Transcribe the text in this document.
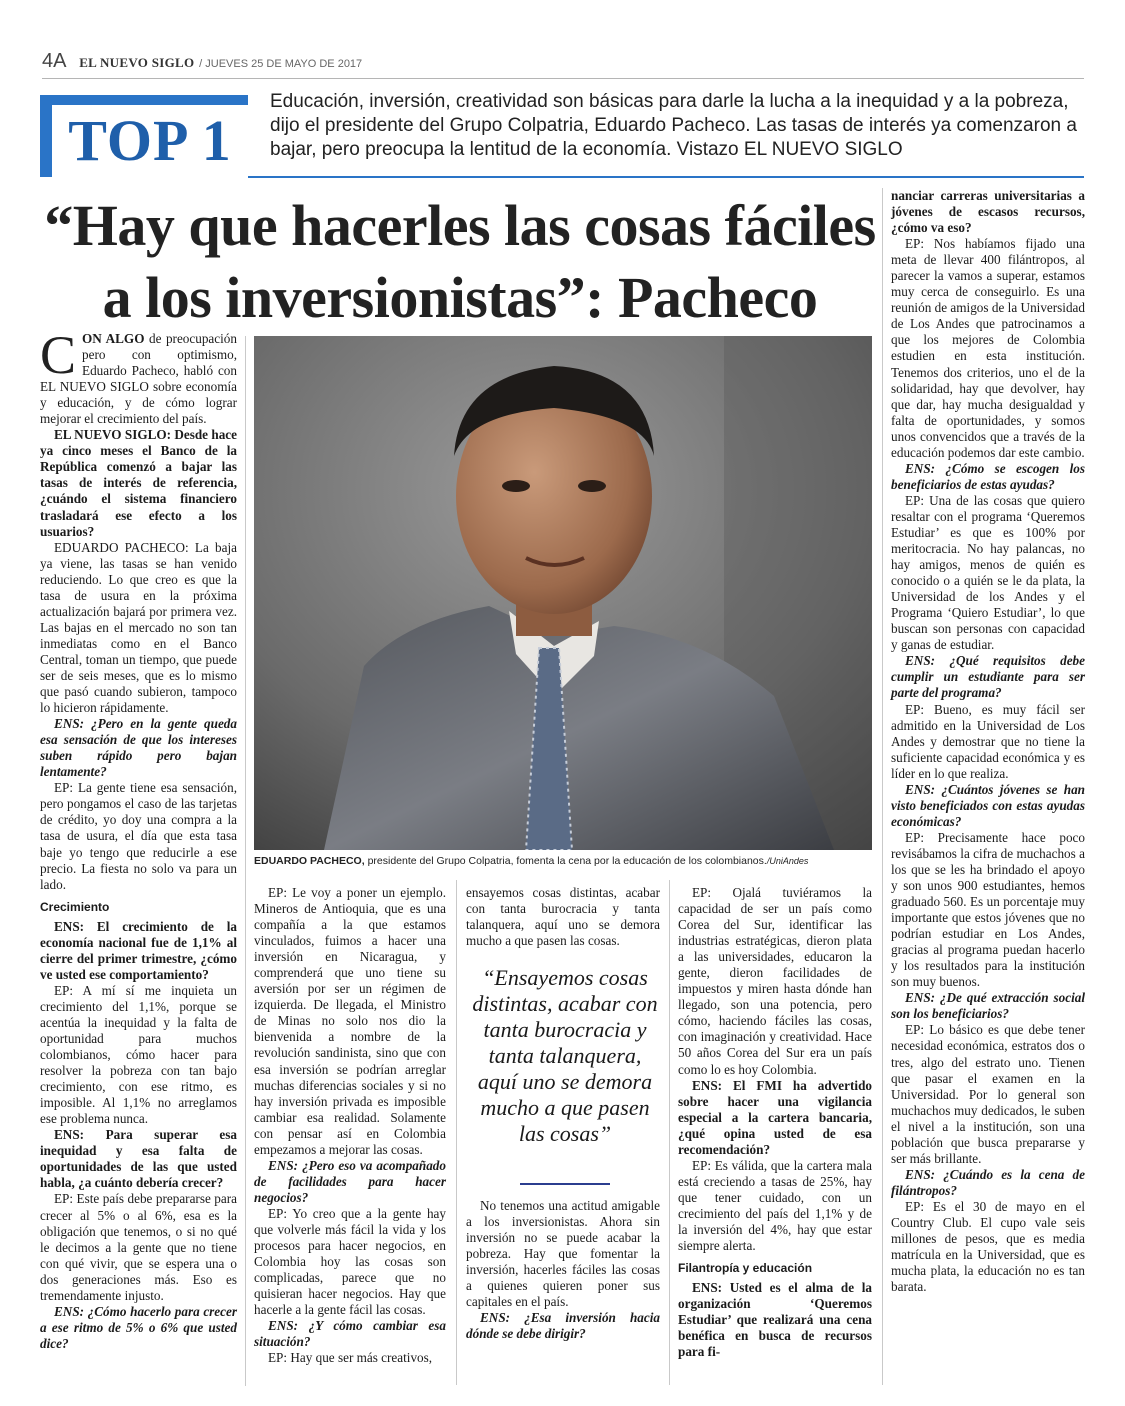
4A EL NUEVO SIGLO / JUEVES 25 DE MAYO DE 2017
TOP 1
Educación, inversión, creatividad son básicas para darle la lucha a la inequidad y a la pobreza, dijo el presidente del Grupo Colpatria, Eduardo Pacheco. Las tasas de interés ya comenzaron a bajar, pero preocupa la lentitud de la economía. Vistazo EL NUEVO SIGLO
“Hay que hacerles las cosas fáciles a los inversionistas”: Pacheco

CON ALGO de preocupación pero con optimismo, Eduardo Pacheco, habló con EL NUEVO SIGLO sobre economía y educación, y de cómo lograr mejorar el crecimiento del país.

EL NUEVO SIGLO: Desde hace ya cinco meses el Banco de la República comenzó a bajar las tasas de interés de referencia, ¿cuándo el sistema financiero trasladará ese efecto a los usuarios?

EDUARDO PACHECO: La baja ya viene, las tasas se han venido reduciendo. Lo que creo es que la tasa de usura en la próxima actualización bajará por primera vez. Las bajas en el mercado no son tan inmediatas como en el Banco Central, toman un tiempo, que puede ser de seis meses, que es lo mismo que pasó cuando subieron, tampoco lo hicieron rápidamente.

ENS: ¿Pero en la gente queda esa sensación de que los intereses suben rápido pero bajan lentamente?

EP: La gente tiene esa sensación, pero pongamos el caso de las tarjetas de crédito, yo doy una compra a la tasa de usura, el día que esta tasa baje yo tengo que reducirle a ese precio. La fiesta no solo va para un lado.

Crecimiento

ENS: El crecimiento de la economía nacional fue de 1,1% al cierre del primer trimestre, ¿cómo ve usted ese comportamiento?

EP: A mí sí me inquieta un crecimiento del 1,1%, porque se acentúa la inequidad y la falta de oportunidad para muchos colombianos, cómo hacer para resolver la pobreza con tan bajo crecimiento, con ese ritmo, es imposible. Al 1,1% no arreglamos ese problema nunca.

ENS: Para superar esa inequidad y esa falta de oportunidades de las que usted habla, ¿a cuánto debería crecer?

EP: Este país debe prepararse para crecer al 5% o al 6%, esa es la obligación que tenemos, o si no qué le decimos a la gente que no tiene con qué vivir, que se espera una o dos generaciones más. Eso es tremendamente injusto.

ENS: ¿Cómo hacerlo para crecer a ese ritmo de 5% o 6% que usted dice?

EDUARDO PACHECO, presidente del Grupo Colpatria, fomenta la cena por la educación de los colombianos./UniAndes

EP: Le voy a poner un ejemplo. Mineros de Antioquia, que es una compañía a la que estamos vinculados, fuimos a hacer una inversión en Nicaragua, y comprenderá que uno tiene su aversión por ser un régimen de izquierda. De llegada, el Ministro de Minas no solo nos dio la bienvenida a nombre de la revolución sandinista, sino que con esa inversión se podrían arreglar muchas diferencias sociales y si no hay inversión privada es imposible cambiar esa realidad. Solamente con pensar así en Colombia empezamos a mejorar las cosas.

ENS: ¿Pero eso va acompañado de facilidades para hacer negocios?

EP: Yo creo que a la gente hay que volverle más fácil la vida y los procesos para hacer negocios, en Colombia hoy las cosas son complicadas, parece que no quisieran hacer negocios. Hay que hacerle a la gente fácil las cosas.

ENS: ¿Y cómo cambiar esa situación?

EP: Hay que ser más creativos,

ensayemos cosas distintas, acabar con tanta burocracia y tanta talanquera, aquí uno se demora mucho a que pasen las cosas.

“Ensayemos cosas distintas, acabar con tanta burocracia y tanta talanquera, aquí uno se demora mucho a que pasen las cosas”

No tenemos una actitud amigable a los inversionistas. Ahora sin inversión no se puede acabar la pobreza. Hay que fomentar la inversión, hacerles fáciles las cosas a quienes quieren poner sus capitales en el país.

ENS: ¿Esa inversión hacia dónde se debe dirigir?

EP: Ojalá tuviéramos la capacidad de ser un país como Corea del Sur, identificar las industrias estratégicas, dieron plata a las universidades, educaron la gente, dieron facilidades de impuestos y miren hasta dónde han llegado, son una potencia, pero cómo, haciendo fáciles las cosas, con imaginación y creatividad. Hace 50 años Corea del Sur era un país como lo es hoy Colombia.

ENS: El FMI ha advertido sobre hacer una vigilancia especial a la cartera bancaria, ¿qué opina usted de esa recomendación?

EP: Es válida, que la cartera mala está creciendo a tasas de 25%, hay que tener cuidado, con un crecimiento del país del 1,1% y de la inversión del 4%, hay que estar siempre alerta.

Filantropía y educación

ENS: Usted es el alma de la organización ‘Queremos Estudiar’ que realizará una cena benéfica en busca de recursos para fi-

nanciar carreras universitarias a jóvenes de escasos recursos, ¿cómo va eso?

EP: Nos habíamos fijado una meta de llevar 400 filántropos, al parecer la vamos a superar, estamos muy cerca de conseguirlo. Es una reunión de amigos de la Universidad de Los Andes que patrocinamos a que los mejores de Colombia estudien en esta institución. Tenemos dos criterios, uno el de la solidaridad, hay que devolver, hay que dar, hay mucha desigualdad y falta de oportunidades, y somos unos convencidos que a través de la educación podemos dar este cambio.

ENS: ¿Cómo se escogen los beneficiarios de estas ayudas?

EP: Una de las cosas que quiero resaltar con el programa ‘Queremos Estudiar’ es que es 100% por meritocracia. No hay palancas, no hay amigos, menos de quién es conocido o a quién se le da plata, la Universidad de los Andes y el Programa ‘Quiero Estudiar’, lo que buscan son personas con capacidad y ganas de estudiar.

ENS: ¿Qué requisitos debe cumplir un estudiante para ser parte del programa?

EP: Bueno, es muy fácil ser admitido en la Universidad de Los Andes y demostrar que no tiene la suficiente capacidad económica y es líder en lo que realiza.

ENS: ¿Cuántos jóvenes se han visto beneficiados con estas ayudas económicas?

EP: Precisamente hace poco revisábamos la cifra de muchachos a los que se les ha brindado el apoyo y son unos 900 estudiantes, hemos graduado 560. Es un porcentaje muy importante que estos jóvenes que no podrían estudiar en Los Andes, gracias al programa puedan hacerlo y los resultados para la institución son muy buenos.

ENS: ¿De qué extracción social son los beneficiarios?

EP: Lo básico es que debe tener necesidad económica, estratos dos o tres, algo del estrato uno. Tienen que pasar el examen en la Universidad. Por lo general son muchachos muy dedicados, le suben el nivel a la institución, son una población que busca prepararse y ser más brillante.

ENS: ¿Cuándo es la cena de filántropos?

EP: Es el 30 de mayo en el Country Club. El cupo vale seis millones de pesos, que es media matrícula en la Universidad, que es mucha plata, la educación no es tan barata.
